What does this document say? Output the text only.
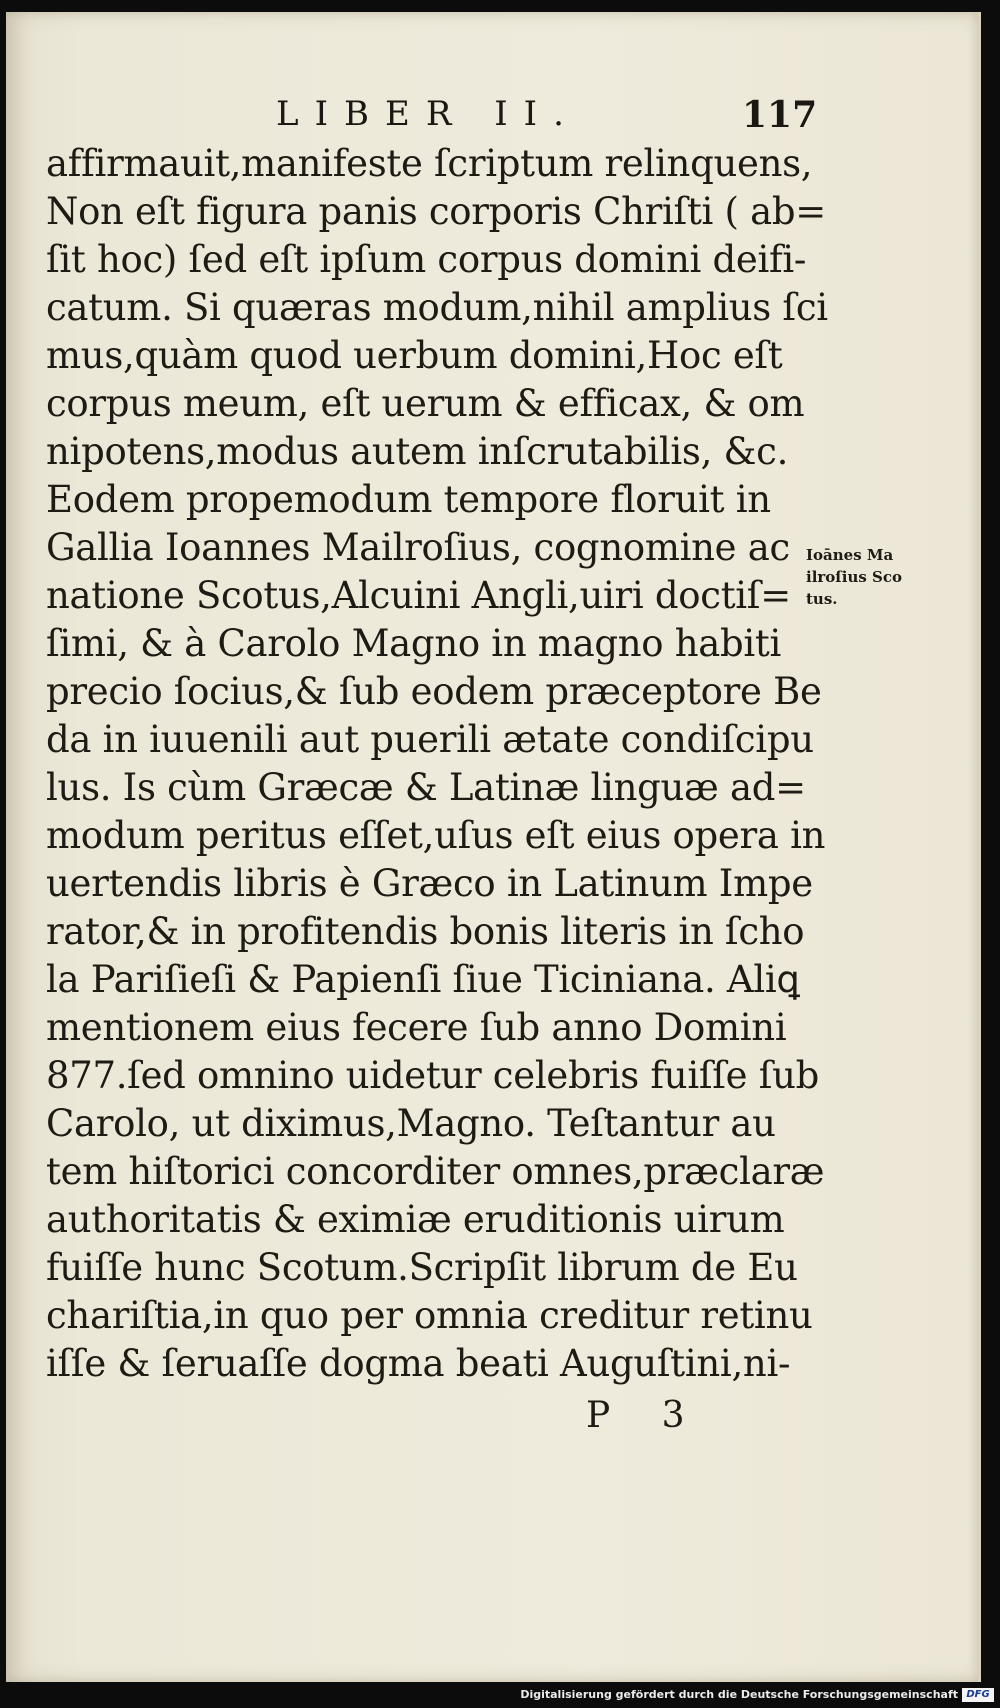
LIBER II.	117
affirmauit,manifeste ſcriptum relinquens,
Non eſt figura panis corporis Chriſti ( ab=
ſit hoc) ſed eſt ipſum corpus domini deifi-
catum. Si quæras modum,nihil amplius ſci
mus,quàm quod uerbum domini,Hoc eſt
corpus meum, eſt uerum & efficax, & om
nipotens,modus autem inſcrutabilis, &c.
Eodem propemodum tempore floruit in
Gallia Ioannes Mailroſius, cognomine ac
natione Scotus,Alcuini Angli,uiri doctiſ=
ſimi, & à Carolo Magno in magno habiti
precio ſocius,& ſub eodem præceptore Be
da in iuuenili aut puerili ætate condiſcipu
lus. Is cùm Græcæ & Latinæ linguæ ad=
modum peritus eſſet,uſus eſt eius opera in
uertendis libris è Græco in Latinum Impe
rator,& in profitendis bonis literis in ſcho
la Pariſieſi & Papienſi ſiue Ticiniana. Aliꝗ
mentionem eius fecere ſub anno Domini
877.ſed omnino uidetur celebris fuiſſe ſub
Carolo, ut diximus,Magno. Teſtantur au
tem hiſtorici concorditer omnes,præclaræ
authoritatis & eximiæ eruditionis uirum
fuiſſe hunc Scotum.Scripſit librum de Eu
chariſtia,in quo per omnia creditur retinu
iſſe & ſeruaſſe dogma beati Auguſtini,ni-
Ioānes Ma
ilroſius Sco
tus.
P 3
Digitalisierung gefördert durch die Deutsche Forschungsgemeinschaft DFG
